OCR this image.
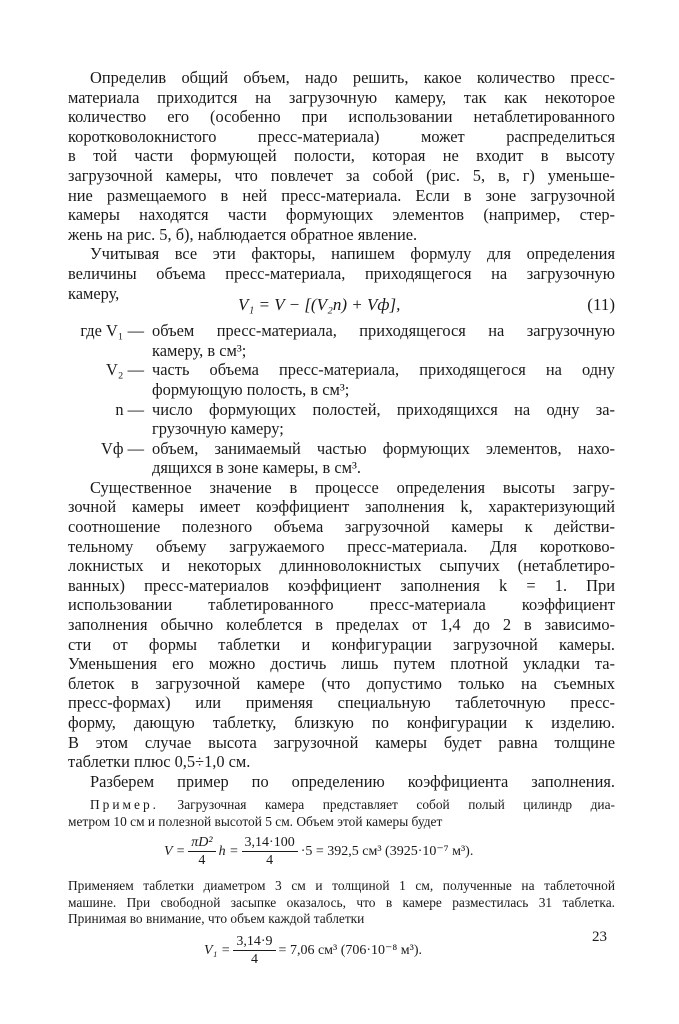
Определив общий объем, надо решить, какое количество пресс-
материала приходится на загрузочную камеру, так как некоторое
количество его (особенно при использовании нетаблетированного
коротковолокнистого пресс-материала) может распределиться
в той части формующей полости, которая не входит в высоту
загрузочной камеры, что повлечет за собой (рис. 5, в, г) уменьше-
ние размещаемого в ней пресс-материала. Если в зоне загрузочной
камеры находятся части формующих элементов (например, стер-
жень на рис. 5, б), наблюдается обратное явление.
Учитывая все эти факторы, напишем формулу для определения
величины объема пресс-материала, приходящегося на загрузочную
камеру,
V₁ = V − [(V₂n) + Vф],	(11)
где V₁ — объем пресс-материала, приходящегося на загрузочную
камеру, в см³;
V₂ — часть объема пресс-материала, приходящегося на одну
формующую полость, в см³;
n — число формующих полостей, приходящихся на одну за-
грузочную камеру;
Vф — объем, занимаемый частью формующих элементов, нахо-
дящихся в зоне камеры, в см³.
Существенное значение в процессе определения высоты загру-
зочной камеры имеет коэффициент заполнения k, характеризующий
соотношение полезного объема загрузочной камеры к действи-
тельному объему загружаемого пресс-материала. Для коротково-
локнистых и некоторых длинноволокнистых сыпучих (нетаблетиро-
ванных) пресс-материалов коэффициент заполнения k = 1. При
использовании таблетированного пресс-материала коэффициент
заполнения обычно колеблется в пределах от 1,4 до 2 в зависимо-
сти от формы таблетки и конфигурации загрузочной камеры.
Уменьшения его можно достичь лишь путем плотной укладки та-
блеток в загрузочной камере (что допустимо только на съемных
пресс-формах) или применяя специальную таблеточную пресс-
форму, дающую таблетку, близкую по конфигурации к изделию.
В этом случае высота загрузочной камеры будет равна толщине
таблетки плюс 0,5÷1,0 см.
Разберем пример по определению коэффициента заполнения.
Пример. Загрузочная камера представляет собой полый цилиндр диа-
метром 10 см и полезной высотой 5 см. Объем этой камеры будет
$V = \frac{\text{πD²}}{4}$ $h = \frac{3,14\cdot 100}{4} \cdot 5 = 392,5$ см³ (3925·10⁻⁷ м³).
Применяем таблетки диаметром 3 см и толщиной 1 см, полученные на таблеточной
машине. При свободной засыпке оказалось, что в камере разместилась 31 таблетка.
Принимая во внимание, что объем каждой таблетки
$V_1 = \frac{3,14\cdot 9}{4} = 7,06$ см³ (706·10⁻⁸ м³).
23
